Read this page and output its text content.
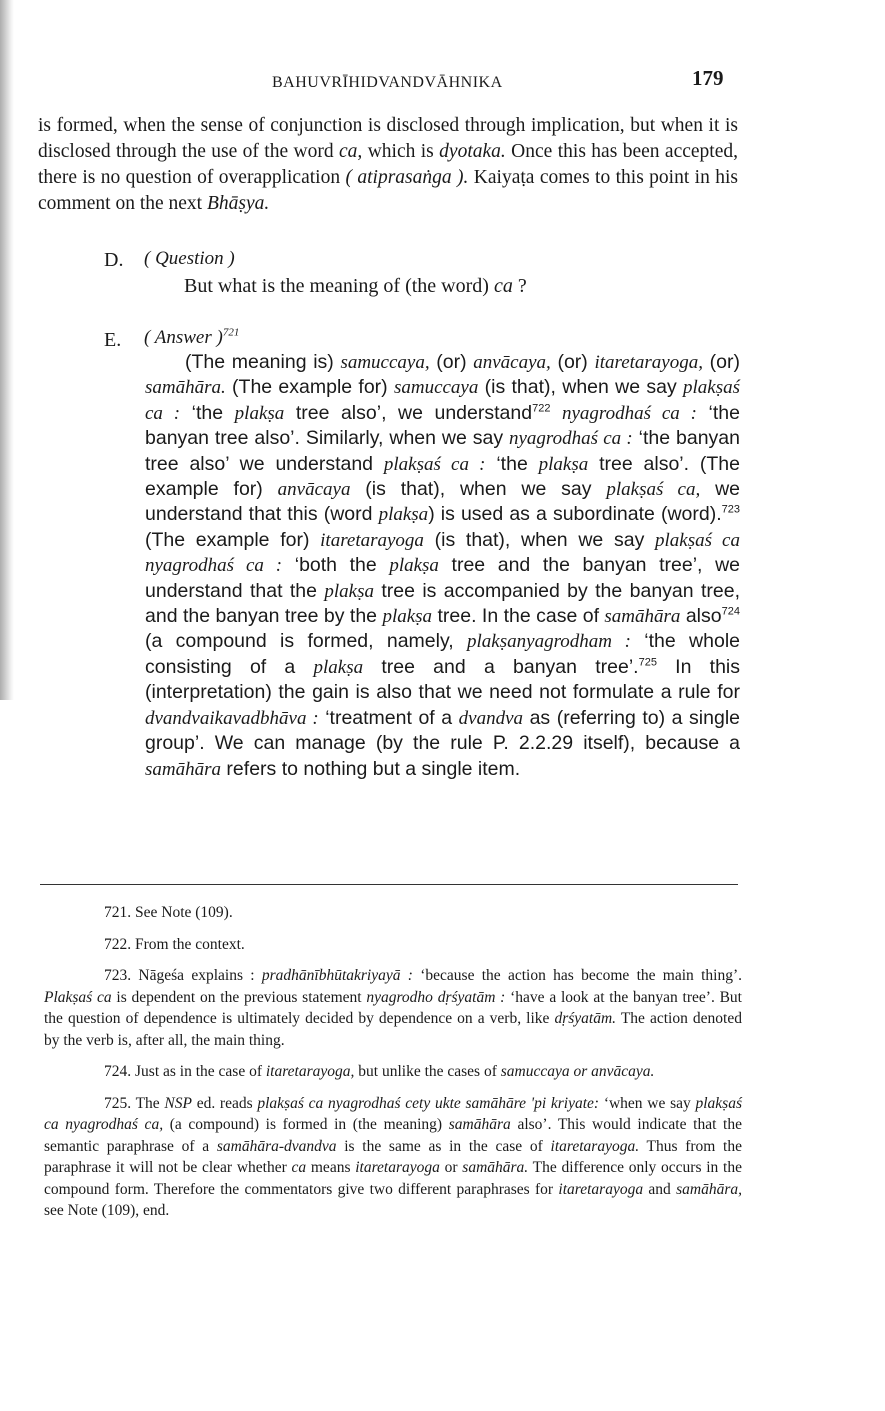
BAHUVRĪHIDVANDVĀHNIKA	179

is formed, when the sense of conjunction is disclosed through implication, but when it is disclosed through the use of the word ca, which is dyotaka. Once this has been accepted, there is no question of overapplication ( atiprasaṅga ). Kaiyaṭa comes to this point in his comment on the next Bhāṣya.

D. ( Question )

But what is the meaning of (the word) ca ?

E. ( Answer )$^{721}$

(The meaning is) samuccaya, (or) anvācaya, (or) itaretarayoga, (or) samāhāra. (The example for) samuccaya (is that), when we say plakṣaś ca : ‘the plakṣa tree also’, we understand$^{722}$ nyagrodhaś ca : ‘the banyan tree also’. Similarly, when we say nyagrodhaś ca : ‘the banyan tree also’ we understand plakṣaś ca : ‘the plakṣa tree also’. (The example for) anvācaya (is that), when we say plakṣaś ca, we understand that this (word plakṣa) is used as a subordinate (word).$^{723}$ (The example for) itaretarayoga (is that), when we say plakṣaś ca nyagrodhaś ca : ‘both the plakṣa tree and the banyan tree’, we understand that the plakṣa tree is accompanied by the banyan tree, and the banyan tree by the plakṣa tree. In the case of samāhāra also$^{724}$ (a compound is formed, namely, plakṣanyagrodham : ‘the whole consisting of a plakṣa tree and a banyan tree’.$^{725}$ In this (interpretation) the gain is also that we need not formulate a rule for dvandvaikavadbhāva : ‘treatment of a dvandva as (referring to) a single group’. We can manage (by the rule P. 2.2.29 itself), because a samāhāra refers to nothing but a single item.

721. See Note (109).

722. From the context.

723. Nāgeśa explains : pradhānībhūtakriyayā : ‘because the action has become the main thing’. Plakṣaś ca is dependent on the previous statement nyagrodho dṛśyatām : ‘have a look at the banyan tree’. But the question of dependence is ultimately decided by dependence on a verb, like dṛśyatām. The action denoted by the verb is, after all, the main thing.

724. Just as in the case of itaretarayoga, but unlike the cases of samuccaya or anvācaya.

725. The NSP ed. reads plakṣaś ca nyagrodhaś cety ukte samāhāre 'pi kriyate: ‘when we say plakṣaś ca nyagrodhaś ca, (a compound) is formed in (the meaning) samāhāra also’. This would indicate that the semantic paraphrase of a samāhāra-dvandva is the same as in the case of itaretarayoga. Thus from the paraphrase it will not be clear whether ca means itaretarayoga or samāhāra. The difference only occurs in the compound form. Therefore the commentators give two different paraphrases for itaretarayoga and samāhāra, see Note (109), end.
